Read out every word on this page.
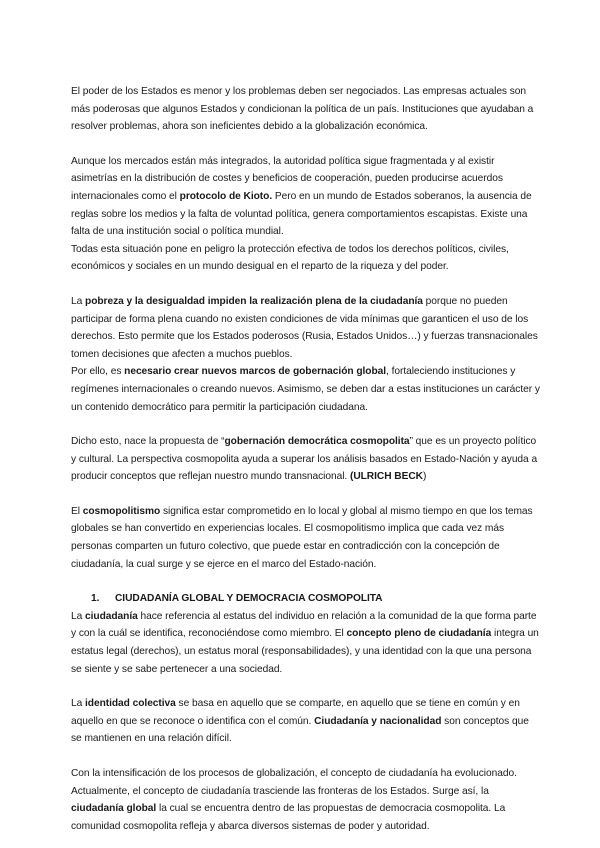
El poder de los Estados es menor y los problemas deben ser negociados. Las empresas actuales son más poderosas que algunos Estados y condicionan la política de un país. Instituciones que ayudaban a resolver problemas, ahora son ineficientes debido a la globalización económica.

Aunque los mercados están más integrados, la autoridad política sigue fragmentada y al existir asimetrías en la distribución de costes y beneficios de cooperación, pueden producirse acuerdos internacionales como el protocolo de Kioto. Pero en un mundo de Estados soberanos, la ausencia de reglas sobre los medios y la falta de voluntad política, genera comportamientos escapistas. Existe una falta de una institución social o política mundial.

Todas esta situación pone en peligro la protección efectiva de todos los derechos políticos, civiles, económicos y sociales en un mundo desigual en el reparto de la riqueza y del poder.

La pobreza y la desigualdad impiden la realización plena de la ciudadanía porque no pueden participar de forma plena cuando no existen condiciones de vida mínimas que garanticen el uso de los derechos. Esto permite que los Estados poderosos (Rusia, Estados Unidos…) y fuerzas transnacionales tomen decisiones que afecten a muchos pueblos.

Por ello, es necesario crear nuevos marcos de gobernación global, fortaleciendo instituciones y regímenes internacionales o creando nuevos. Asimismo, se deben dar a estas instituciones un carácter y un contenido democrático para permitir la participación ciudadana.

Dicho esto, nace la propuesta de “gobernación democrática cosmopolita” que es un proyecto político y cultural. La perspectiva cosmopolita ayuda a superar los análisis basados en Estado-Nación y ayuda a producir conceptos que reflejan nuestro mundo transnacional. (ULRICH BECK)

El cosmopolitismo significa estar comprometido en lo local y global al mismo tiempo en que los temas globales se han convertido en experiencias locales. El cosmopolitismo implica que cada vez más personas comparten un futuro colectivo, que puede estar en contradicción con la concepción de ciudadanía, la cual surge y se ejerce en el marco del Estado-nación.

1.	CIUDADANÍA GLOBAL Y DEMOCRACIA COSMOPOLITA

La ciudadanía hace referencia al estatus del individuo en relación a la comunidad de la que forma parte y con la cuál se identifica, reconociéndose como miembro. El concepto pleno de ciudadanía integra un estatus legal (derechos), un estatus moral (responsabilidades), y una identidad con la que una persona se siente y se sabe pertenecer a una sociedad.

La identidad colectiva se basa en aquello que se comparte, en aquello que se tiene en común y en aquello en que se reconoce o identifica con el común. Ciudadanía y nacionalidad son conceptos que se mantienen en una relación difícil.

Con la intensificación de los procesos de globalización, el concepto de ciudadanía ha evolucionado. Actualmente, el concepto de ciudadanía trasciende las fronteras de los Estados. Surge así, la ciudadanía global la cual se encuentra dentro de las propuestas de democracia cosmopolita. La comunidad cosmopolita refleja y abarca diversos sistemas de poder y autoridad.
